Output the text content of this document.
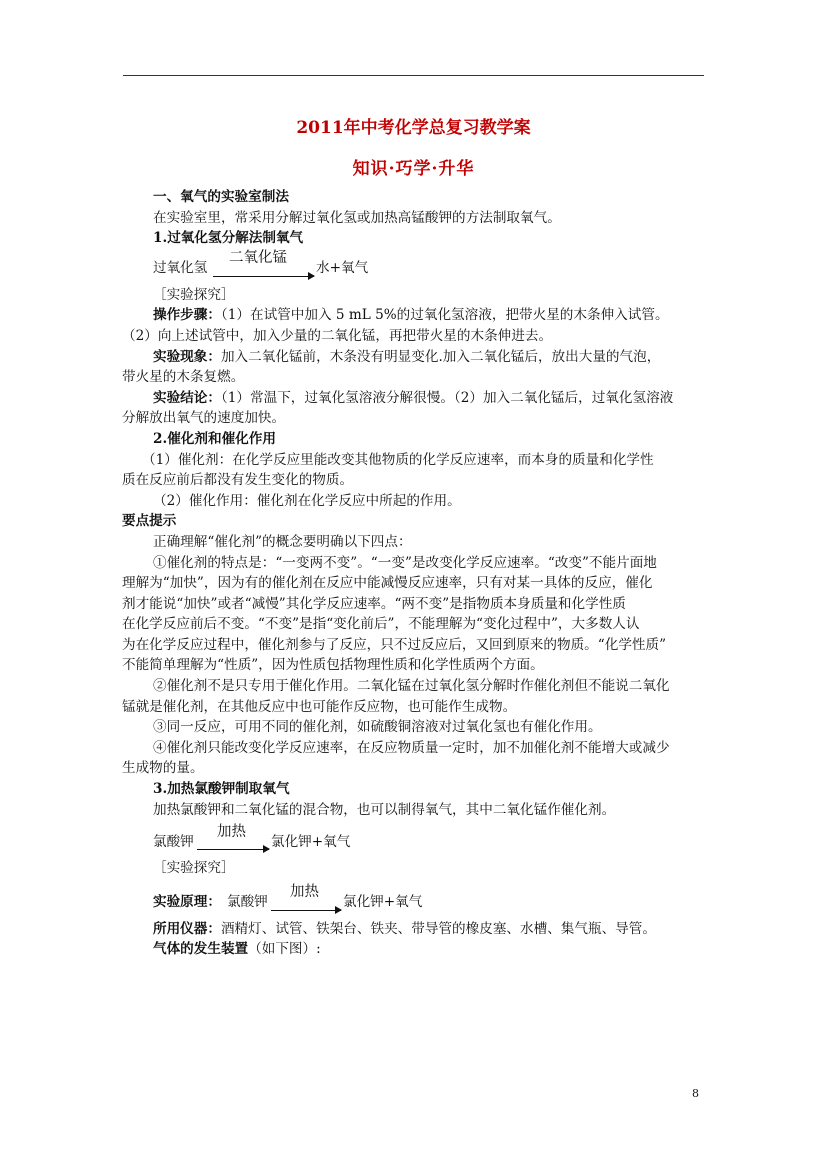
2011年中考化学总复习教学案
知识·巧学·升华

一、氧气的实验室制法

在实验室里，常采用分解过氧化氢或加热高锰酸钾的方法制取氧气。

1.过氧化氢分解法制氧气

过氧化氢
二氧化锰
水+氧气

［实验探究］

操作步骤：（1）在试管中加入 5 mL 5%的过氧化氢溶液，把带火星的木条伸入试管。

（2）向上述试管中，加入少量的二氧化锰，再把带火星的木条伸进去。

实验现象：加入二氧化锰前，木条没有明显变化.加入二氧化锰后，放出大量的气泡，

带火星的木条复燃。

实验结论：（1）常温下，过氧化氢溶液分解很慢。（2）加入二氧化锰后，过氧化氢溶液

分解放出氧气的速度加快。

2.催化剂和催化作用

（1）催化剂：在化学反应里能改变其他物质的化学反应速率，而本身的质量和化学性

质在反应前后都没有发生变化的物质。

（2）催化作用：催化剂在化学反应中所起的作用。

要点提示

正确理解“催化剂”的概念要明确以下四点：

①催化剂的特点是：“一变两不变”。“一变”是改变化学反应速率。“改变”不能片面地

理解为“加快”，因为有的催化剂在反应中能减慢反应速率，只有对某一具体的反应，催化

剂才能说“加快”或者“减慢”其化学反应速率。“两不变”是指物质本身质量和化学性质

在化学反应前后不变。“不变”是指“变化前后”，不能理解为“变化过程中”，大多数人认

为在化学反应过程中，催化剂参与了反应，只不过反应后，又回到原来的物质。“化学性质”

不能简单理解为“性质”，因为性质包括物理性质和化学性质两个方面。

②催化剂不是只专用于催化作用。二氧化锰在过氧化氢分解时作催化剂但不能说二氧化

锰就是催化剂，在其他反应中也可能作反应物，也可能作生成物。

③同一反应，可用不同的催化剂，如硫酸铜溶液对过氧化氢也有催化作用。

④催化剂只能改变化学反应速率，在反应物质量一定时，加不加催化剂不能增大或减少

生成物的量。

3.加热氯酸钾制取氧气

加热氯酸钾和二氧化锰的混合物，也可以制得氧气，其中二氧化锰作催化剂。

氯酸钾
加热
氯化钾+氧气

［实验探究］

实验原理： 氯酸钾
加热
氯化钾+氧气

所用仪器：酒精灯、试管、铁架台、铁夹、带导管的橡皮塞、水槽、集气瓶、导管。

气体的发生装置（如下图）:

8
